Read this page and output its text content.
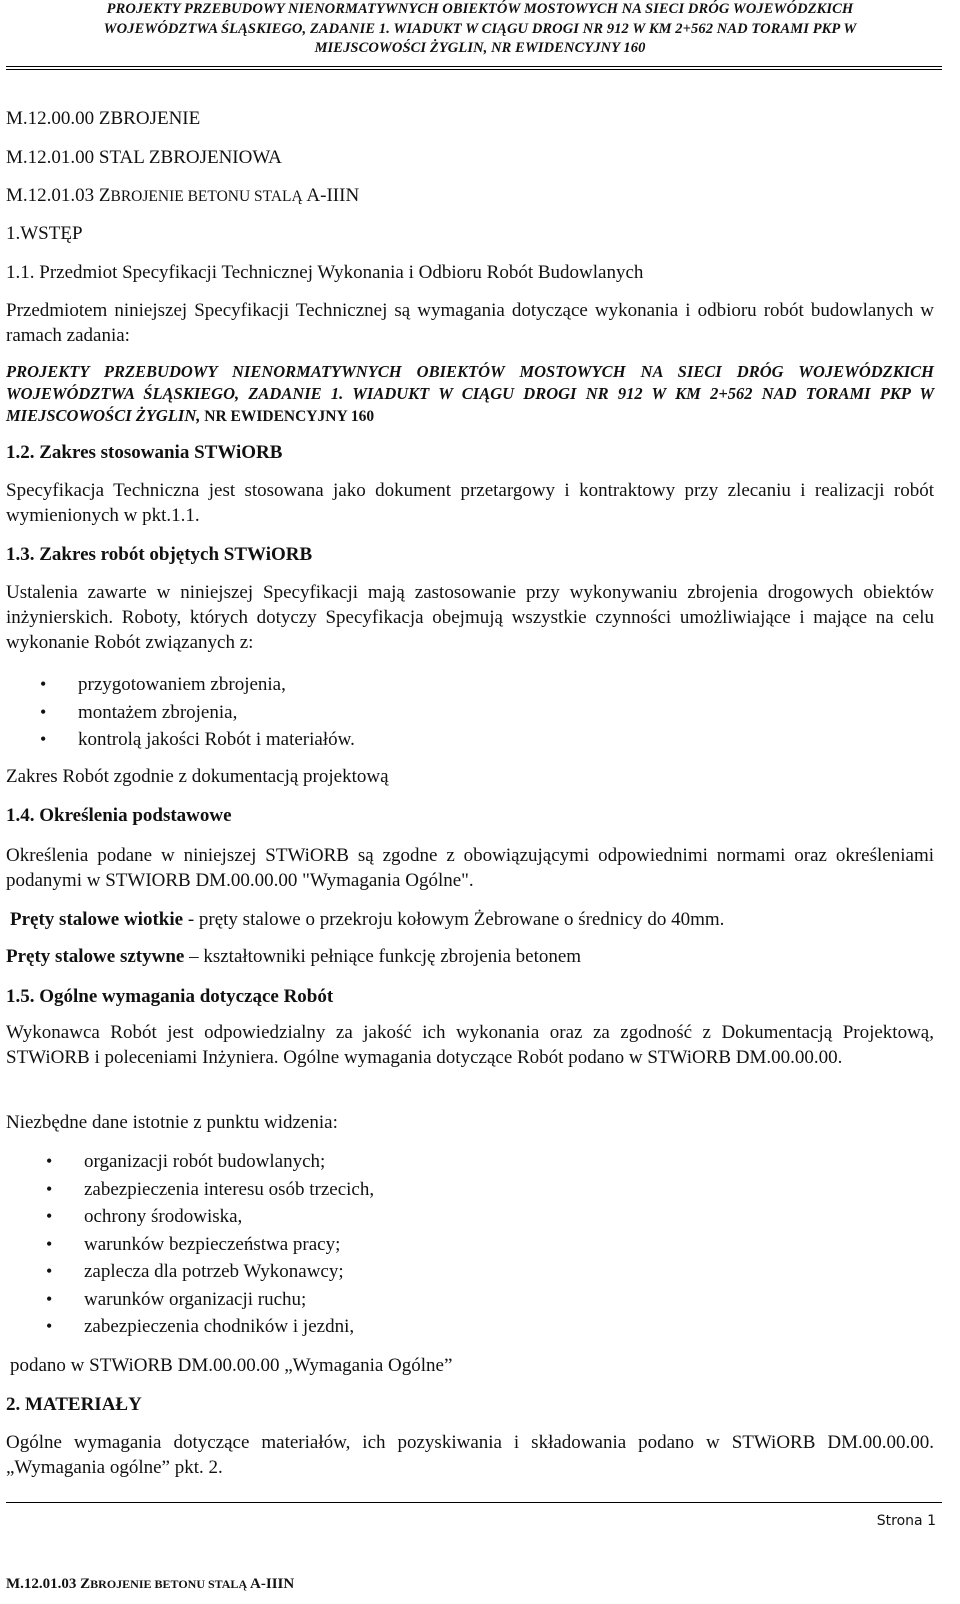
PROJEKTY PRZEBUDOWY NIENORMATYWNYCH OBIEKTÓW MOSTOWYCH NA SIECI DRÓG WOJEWÓDZKICH
WOJEWÓDZTWA ŚLĄSKIEGO, ZADANIE 1. WIADUKT W CIĄGU DROGI NR 912 W KM 2+562 NAD TORAMI PKP W
MIEJSCOWOŚCI ŻYGLIN, NR EWIDENCYJNY 160
M.12.00.00 ZBROJENIE
M.12.01.00 STAL ZBROJENIOWA
M.12.01.03 ZBROJENIE BETONU STALĄ A-IIIN
1.WSTĘP
1.1. Przedmiot Specyfikacji Technicznej Wykonania i Odbioru Robót Budowlanych
Przedmiotem niniejszej Specyfikacji Technicznej są wymagania dotyczące wykonania i odbioru robót budowlanych w ramach zadania:
PROJEKTY PRZEBUDOWY NIENORMATYWNYCH OBIEKTÓW MOSTOWYCH NA SIECI DRÓG WOJEWÓDZKICH WOJEWÓDZTWA ŚLĄSKIEGO, ZADANIE 1. WIADUKT W CIĄGU DROGI NR 912 W KM 2+562 NAD TORAMI PKP W MIEJSCOWOŚCI ŻYGLIN, NR EWIDENCYJNY 160
1.2. Zakres stosowania STWiORB
Specyfikacja Techniczna jest stosowana jako dokument przetargowy i kontraktowy przy zlecaniu i realizacji robót wymienionych w pkt.1.1.
1.3. Zakres robót objętych STWiORB
Ustalenia zawarte w niniejszej Specyfikacji mają zastosowanie przy wykonywaniu zbrojenia drogowych obiektów inżynierskich. Roboty, których dotyczy Specyfikacja obejmują wszystkie czynności umożliwiające i mające na celu wykonanie Robót związanych z:
• przygotowaniem zbrojenia,
• montażem zbrojenia,
• kontrolą jakości Robót i materiałów.
Zakres Robót zgodnie z dokumentacją projektową
1.4. Określenia podstawowe
Określenia podane w niniejszej STWiORB są zgodne z obowiązującymi odpowiednimi normami oraz określeniami podanymi w STWIORB DM.00.00.00 "Wymagania Ogólne".
Pręty stalowe wiotkie - pręty stalowe o przekroju kołowym Żebrowane o średnicy do 40mm.
Pręty stalowe sztywne – kształtowniki pełniące funkcję zbrojenia betonem
1.5. Ogólne wymagania dotyczące Robót
Wykonawca Robót jest odpowiedzialny za jakość ich wykonania oraz za zgodność z Dokumentacją Projektową, STWiORB i poleceniami Inżyniera. Ogólne wymagania dotyczące Robót podano w STWiORB DM.00.00.00.
Niezbędne dane istotnie z punktu widzenia:
• organizacji robót budowlanych;
• zabezpieczenia interesu osób trzecich,
• ochrony środowiska,
• warunków bezpieczeństwa pracy;
• zaplecza dla potrzeb Wykonawcy;
• warunków organizacji ruchu;
• zabezpieczenia chodników i jezdni,
podano w STWiORB DM.00.00.00 „Wymagania Ogólne”
2. MATERIAŁY
Ogólne wymagania dotyczące materiałów, ich pozyskiwania i składowania podano w STWiORB DM.00.00.00. „Wymagania ogólne” pkt. 2.
Strona 1
M.12.01.03 ZBROJENIE BETONU STALĄ A-IIIN
